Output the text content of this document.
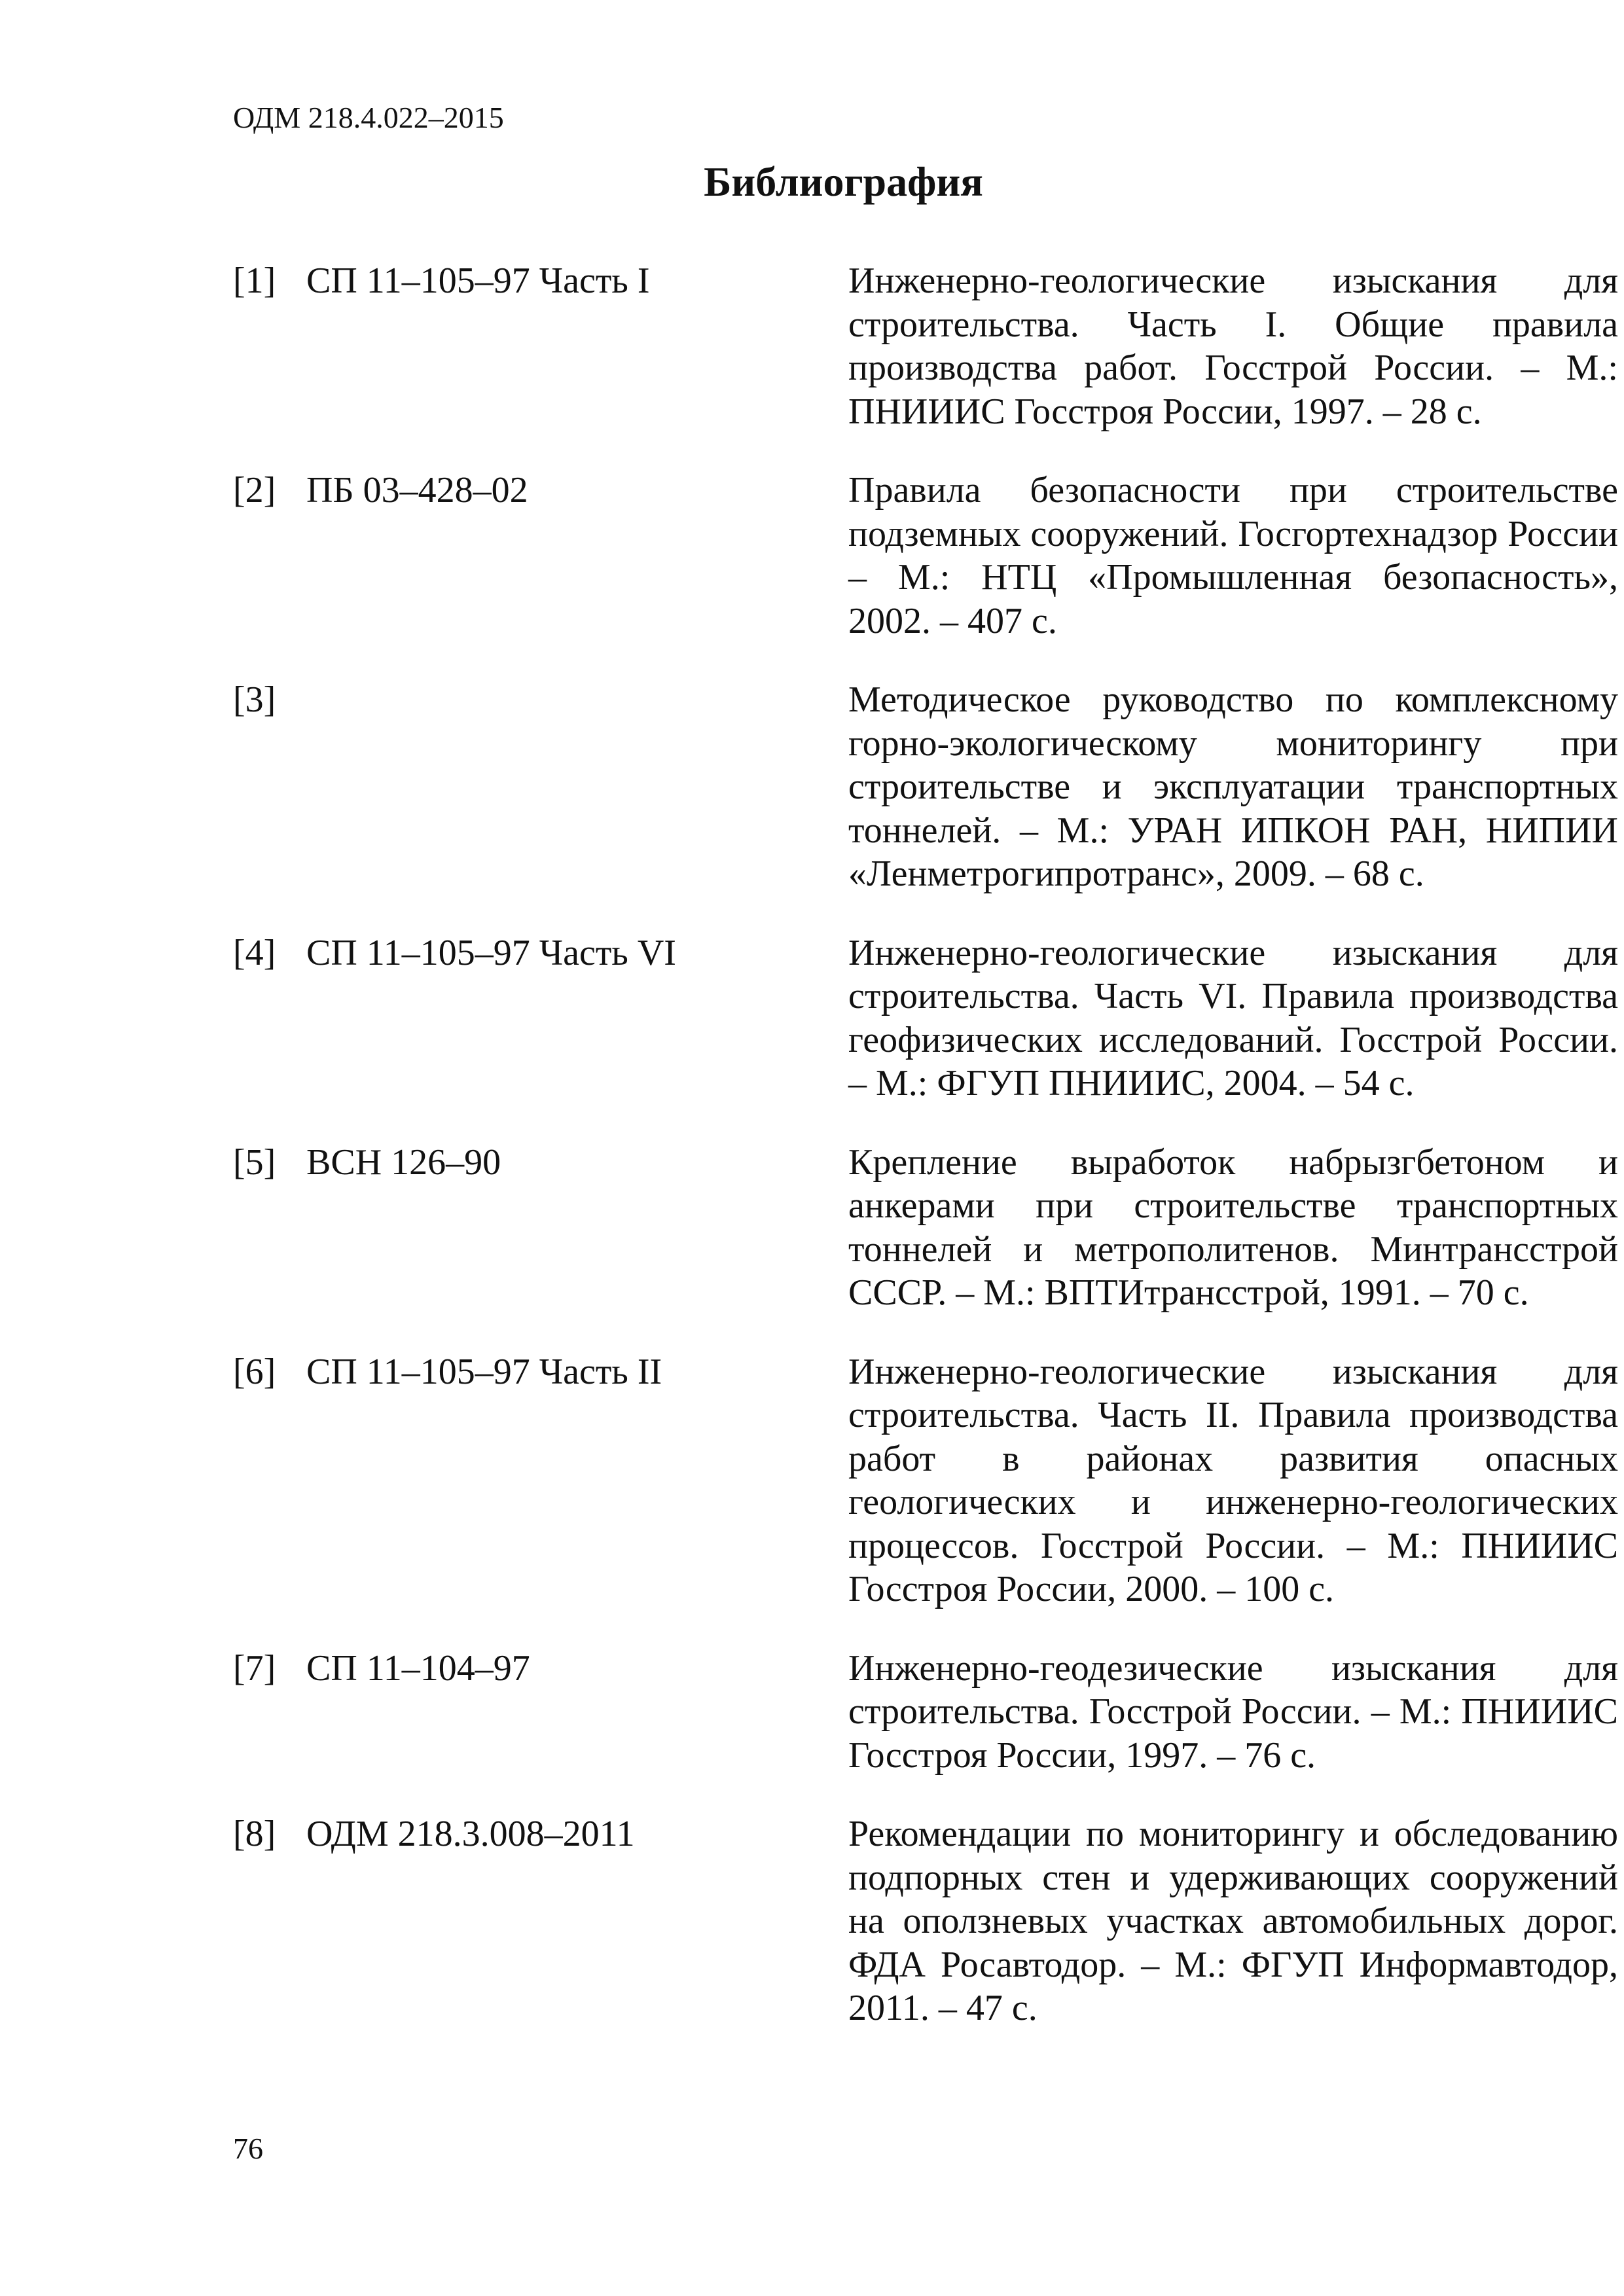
ОДМ 218.4.022–2015
Библиография
[1] СП 11–105–97 Часть I	Инженерно-геологические изыскания для строительства. Часть I. Общие правила производства работ. Госстрой России. – М.: ПНИИИС Госстроя России, 1997. – 28 с.
[2] ПБ 03–428–02	Правила безопасности при строительстве подземных сооружений. Госгортехнадзор России – М.: НТЦ «Промышленная безопасность», 2002. – 407 с.
[3]	Методическое руководство по комплексному горно-экологическому мониторингу при строительстве и эксплуатации транспортных тоннелей. – М.: УРАН ИПКОН РАН, НИПИИ «Ленметрогипротранс», 2009. – 68 с.
[4] СП 11–105–97 Часть VI	Инженерно-геологические изыскания для строительства. Часть VI. Правила производства геофизических исследований. Госстрой России. – М.: ФГУП ПНИИИС, 2004. – 54 с.
[5] ВСН 126–90	Крепление выработок набрызгбетоном и анкерами при строительстве транспортных тоннелей и метрополитенов. Минтрансстрой СССР. – М.: ВПТИтрансстрой, 1991. – 70 с.
[6] СП 11–105–97 Часть II	Инженерно-геологические изыскания для строительства. Часть II. Правила производства работ в районах развития опасных геологических и инженерно-геологических процессов. Госстрой России. – М.: ПНИИИС Госстроя России, 2000. – 100 с.
[7] СП 11–104–97	Инженерно-геодезические изыскания для строительства. Госстрой России. – М.: ПНИИИС Госстроя России, 1997. – 76 с.
[8] ОДМ 218.3.008–2011	Рекомендации по мониторингу и обследованию подпорных стен и удерживающих сооружений на оползневых участках автомобильных дорог. ФДА Росавтодор. – М.: ФГУП Информавтодор, 2011. – 47 с.
76
